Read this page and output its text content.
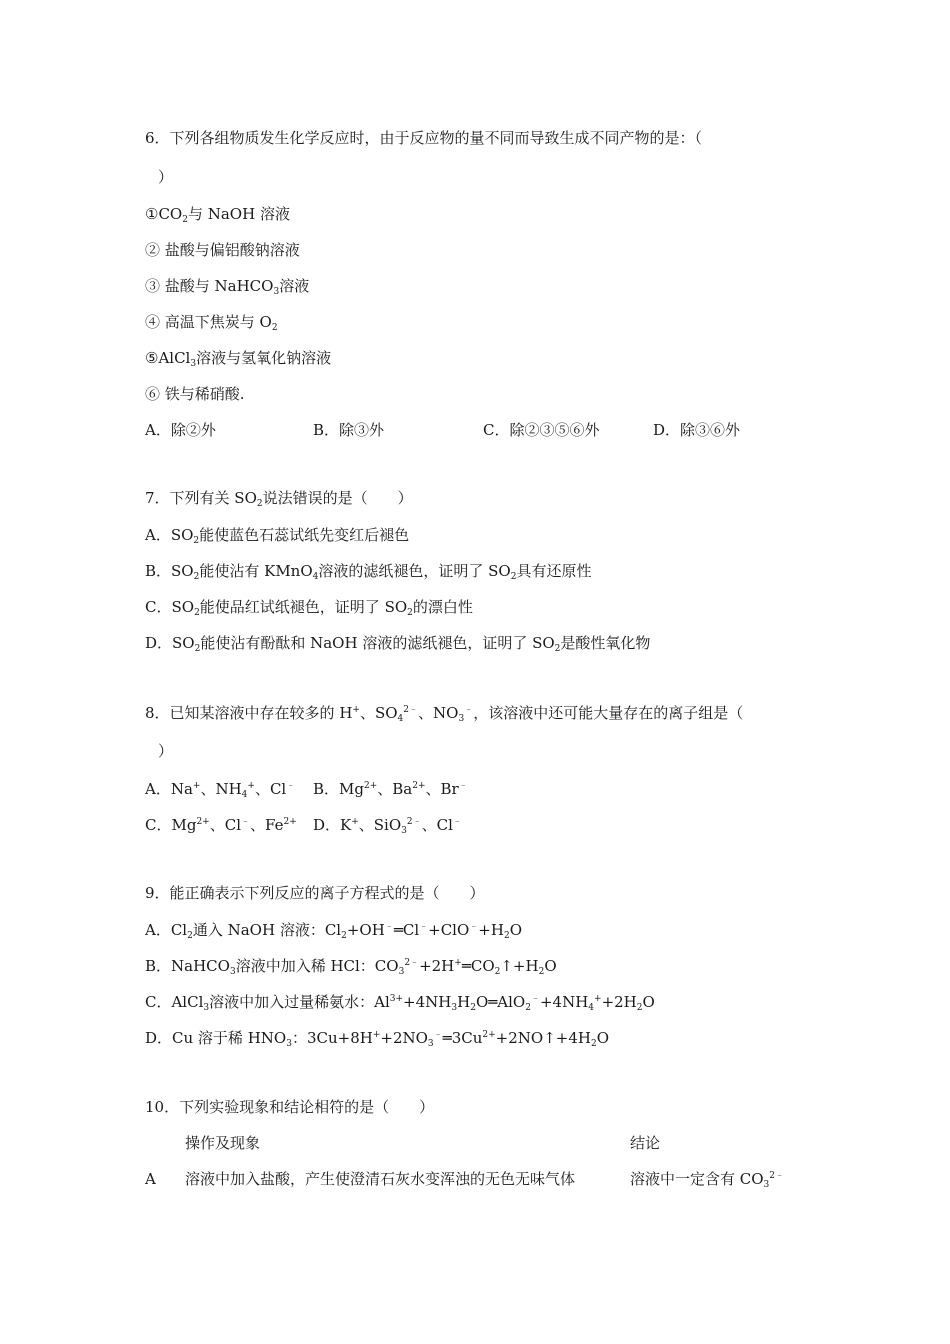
6．下列各组物质发生化学反应时，由于反应物的量不同而导致生成不同产物的是：（
）
$①CO_2$与 NaOH 溶液
② 盐酸与偏铝酸钠溶液
③ 盐酸与 NaHCO$_3$溶液
④ 高温下焦炭与 $O_2$
⑤AlCl$_3$溶液与氢氧化钠溶液
⑥ 铁与稀硝酸.
A．除②外	B．除③外	C．除②③⑤⑥外	D．除③⑥外
7．下列有关 $SO_2$说法错误的是（　　）
A．$SO_2$能使蓝色石蕊试纸先变红后褪色
B．$SO_2$能使沾有 KMnO$_4$溶液的滤纸褪色，证明了 $SO_2$具有还原性
C．$SO_2$能使品红试纸褪色，证明了 $SO_2$的漂白性
D．$SO_2$能使沾有酚酞和 NaOH 溶液的滤纸褪色，证明了 $SO_2$是酸性氧化物
8．已知某溶液中存在较多的 H+、$SO_4^{2﹣}$、$NO_3^﹣$，该溶液中还可能大量存在的离子组是（
）
A．Na+、$NH_4^+$、Cl﹣ B．$Mg^{2+}$、$Ba^{2+}$、Br﹣
C．$Mg^{2+}$、Cl﹣、$Fe^{2+}$ D．K+、SiO$_3^{2﹣}$、Cl﹣
9．能正确表示下列反应的离子方程式的是（　　）
A．$Cl_2$通入 NaOH 溶液：$Cl_2+OH^﹣═Cl^﹣+ClO^﹣+H_2O$
B．NaHCO$_3$溶液中加入稀 HCl：$CO_3^{2﹣}+2H^+═CO_2↑+H_2O$
C．AlCl$_3$溶液中加入过量稀氨水：$Al^{3+}+4NH_3H_2O═AlO_2^﹣+4NH_4^++2H_2O$
D．Cu 溶于稀 $HNO_3$：$3Cu+8H^++2NO_3^﹣═3Cu^{2+}+2NO↑+4H_2O$
10．下列实验现象和结论相符的是（　　）
操作及现象	结论
A 溶液中加入盐酸，产生使澄清石灰水变浑浊的无色无味气体	溶液中一定含有 $CO_3^{2﹣}$
